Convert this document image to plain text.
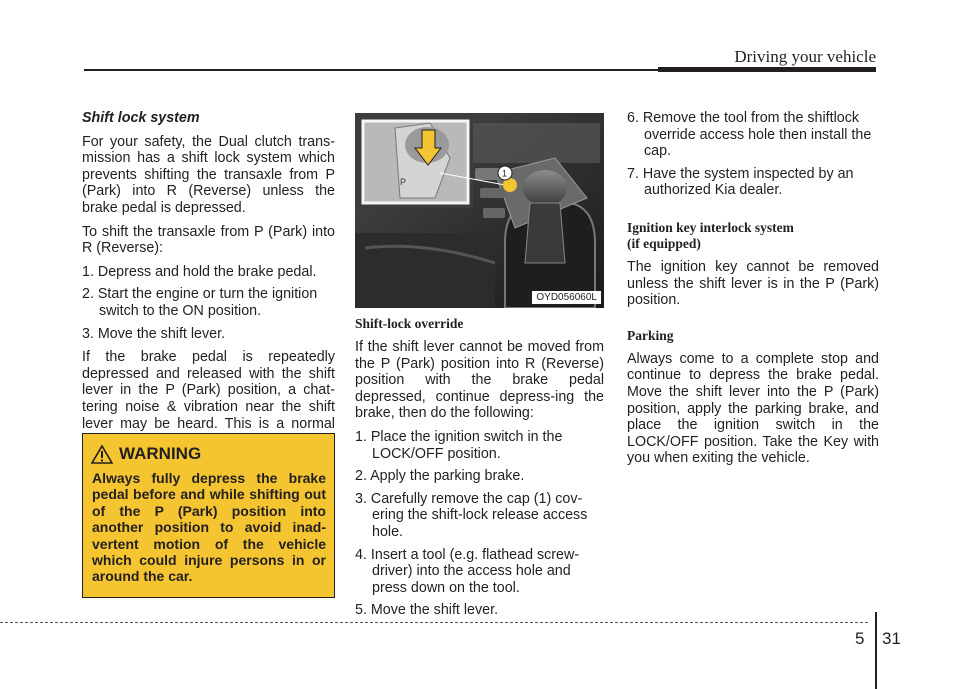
Driving your vehicle

Shift lock system

For your safety, the Dual clutch trans-mission has a shift lock system which prevents shifting the transaxle from P (Park) into R (Reverse) unless the brake pedal is depressed.

To shift the transaxle from P (Park) into R (Reverse):

1. Depress and hold the brake pedal.
2. Start the engine or turn the ignition switch to the ON position.
3. Move the shift lever.

If the brake pedal is repeatedly depressed and released with the shift lever in the P (Park) position, a chat-tering noise & vibration near the shift lever may be heard. This is a normal

WARNING
Always fully depress the brake pedal before and while shifting out of the P (Park) position into another position to avoid inad-vertent motion of the vehicle which could injure persons in or around the car.
P
1
OYD056060L

Shift-lock override

If the shift lever cannot be moved from the P (Park) position into R (Reverse) position with the brake pedal depressed, continue depress-ing the brake, then do the following:

1. Place the ignition switch in the LOCK/OFF position.
2. Apply the parking brake.
3. Carefully remove the cap (1) cov-ering the shift-lock release access hole.
4. Insert a tool (e.g. flathead screw-driver) into the access hole and press down on the tool.
5. Move the shift lever.
6. Remove the tool from the shiftlock override access hole then install the cap.
7. Have the system inspected by an authorized Kia dealer.

Ignition key interlock system

(if equipped)

The ignition key cannot be removed unless the shift lever is in the P (Park) position.

Parking

Always come to a complete stop and continue to depress the brake pedal. Move the shift lever into the P (Park) position, apply the parking brake, and place the ignition switch in the LOCK/OFF position. Take the Key with you when exiting the vehicle.

5 31
